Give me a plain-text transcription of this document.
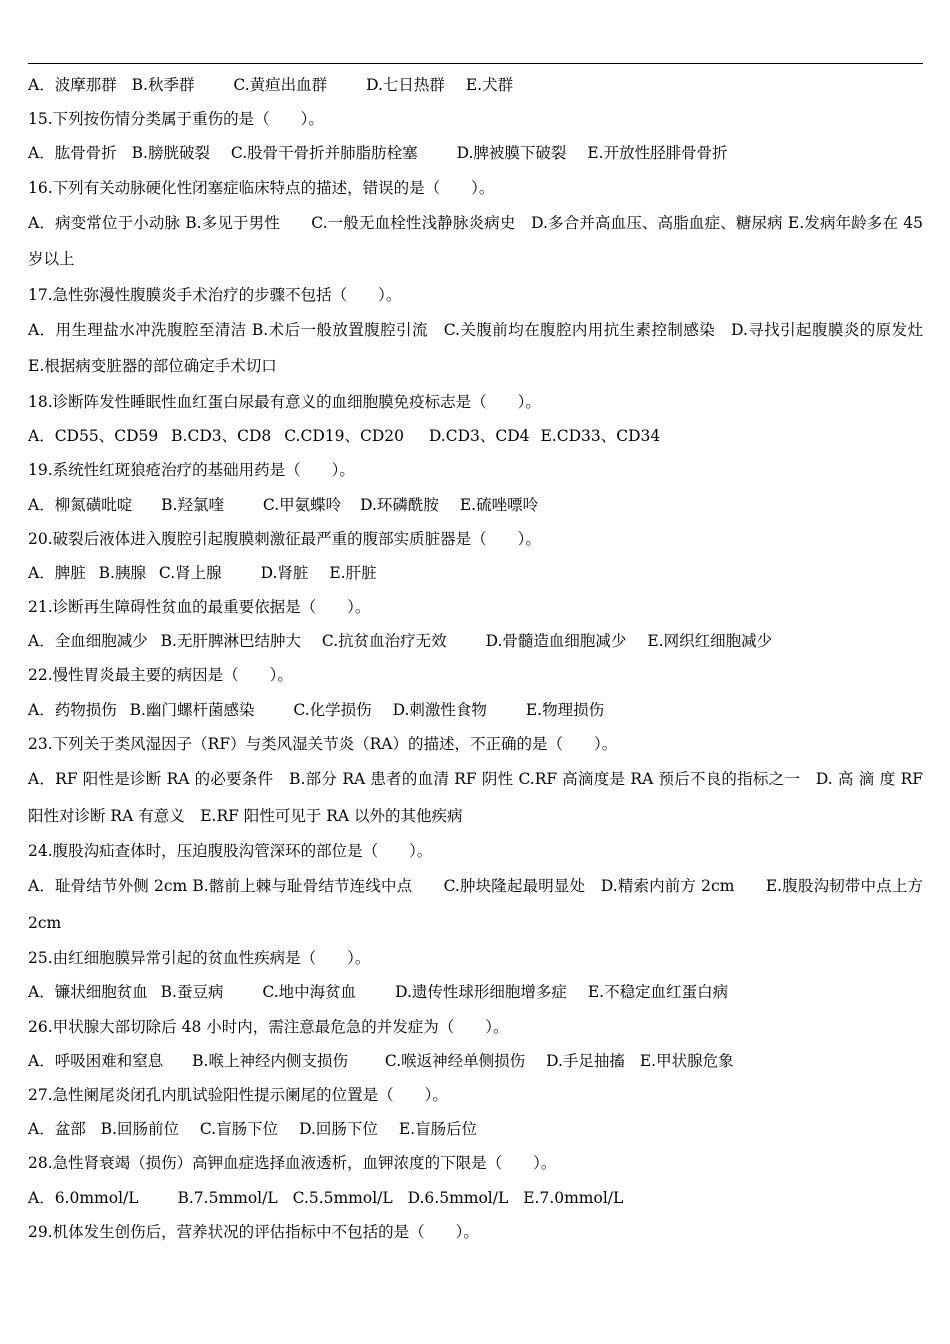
A．波摩那群 B.秋季群	C.黄疸出血群	D.七日热群 E.犬群
15.下列按伤情分类属于重伤的是（　　）。
A．肱骨骨折 B.膀胱破裂 C.股骨干骨折并肺脂肪栓塞	D.脾被膜下破裂 E.开放性胫腓骨骨折
16.下列有关动脉硬化性闭塞症临床特点的描述，错误的是（　　）。
A．病变常位于小动脉 B.多见于男性　　C.一般无血栓性浅静脉炎病史　D.多合并高血压、高脂血症、糖尿病 E.发病年龄多在 45 岁以上
17.急性弥漫性腹膜炎手术治疗的步骤不包括（　　）。
A．用生理盐水冲洗腹腔至清洁 B.术后一般放置腹腔引流　C.关腹前均在腹腔内用抗生素控制感染　D.寻找引起腹膜炎的原发灶　E.根据病变脏器的部位确定手术切口
18.诊断阵发性睡眠性血红蛋白尿最有意义的血细胞膜免疫标志是（　　）。
A．CD55、CD59 B.CD3、CD8 C.CD19、CD20 D.CD3、CD4 E.CD33、CD34
19.系统性红斑狼疮治疗的基础用药是（　　）。
A．柳氮磺吡啶 B.羟氯喹	C.甲氨蝶呤 D.环磷酰胺 E.硫唑嘌呤
20.破裂后液体进入腹腔引起腹膜刺激征最严重的腹部实质脏器是（　　）。
A．脾脏 B.胰腺 C.肾上腺	D.肾脏 E.肝脏
21.诊断再生障碍性贫血的最重要依据是（　　）。
A．全血细胞减少 B.无肝脾淋巴结肿大 C.抗贫血治疗无效	D.骨髓造血细胞减少 E.网织红细胞减少
22.慢性胃炎最主要的病因是（　　）。
A．药物损伤 B.幽门螺杆菌感染	C.化学损伤 D.刺激性食物	E.物理损伤
23.下列关于类风湿因子（RF）与类风湿关节炎（RA）的描述，不正确的是（　　）。
A．RF 阳性是诊断 RA 的必要条件　B.部分 RA 患者的血清 RF 阴性 C.RF 高滴度是 RA 预后不良的指标之一　D. 高 滴 度 RF 阳性对诊断 RA 有意义　E.RF 阳性可见于 RA 以外的其他疾病
24.腹股沟疝查体时，压迫腹股沟管深环的部位是（　　）。
A．耻骨结节外侧 2cm B.髂前上棘与耻骨结节连线中点　　C.肿块隆起最明显处　D.精索内前方 2cm　　E.腹股沟韧带中点上方 2cm
25.由红细胞膜异常引起的贫血性疾病是（　　）。
A．镰状细胞贫血 B.蚕豆病	C.地中海贫血	D.遗传性球形细胞增多症 E.不稳定血红蛋白病
26.甲状腺大部切除后 48 小时内，需注意最危急的并发症为（　　）。
A．呼吸困难和窒息 B.喉上神经内侧支损伤 C.喉返神经单侧损伤 D.手足抽搐 E.甲状腺危象
27.急性阑尾炎闭孔内肌试验阳性提示阑尾的位置是（　　）。
A．盆部 B.回肠前位 C.盲肠下位 D.回肠下位 E.盲肠后位
28.急性肾衰竭（损伤）高钾血症选择血液透析，血钾浓度的下限是（　　）。
A．6.0mmol/L	B.7.5mmol/L C.5.5mmol/L D.6.5mmol/L E.7.0mmol/L
29.机体发生创伤后，营养状况的评估指标中不包括的是（　　）。
